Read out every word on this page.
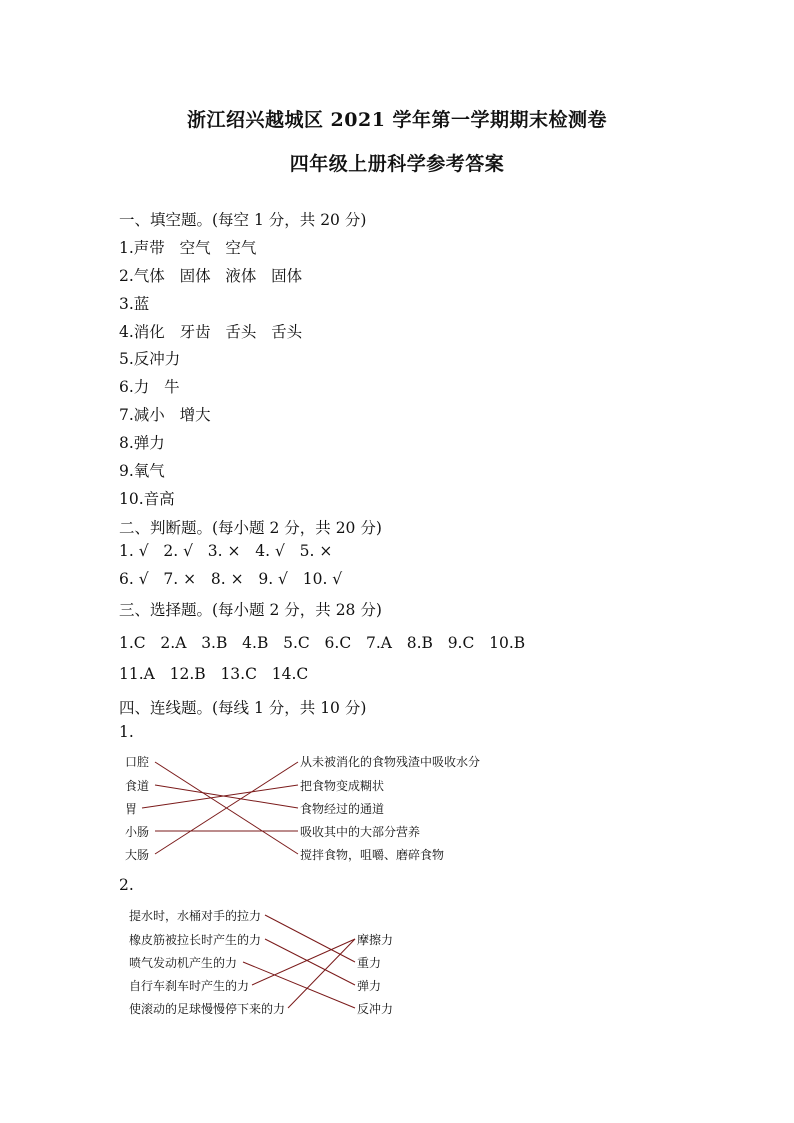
浙江绍兴越城区 2021 学年第一学期期末检测卷
四年级上册科学参考答案
一、填空题。(每空 1 分，共 20 分)
1.声带   空气   空气
2.气体   固体   液体   固体
3.蓝
4.消化   牙齿   舌头   舌头
5.反冲力
6.力   牛
7.减小   增大
8.弹力
9.氧气
10.音高
二、判断题。(每小题 2 分，共 20 分)
1. √   2. √   3. ×   4. √   5. ×
6. √   7. ×   8. ×   9. √   10. √
三、选择题。(每小题 2 分，共 28 分)
1.C   2.A   3.B   4.B   5.C   6.C   7.A   8.B   9.C   10.B
11.A   12.B   13.C   14.C
四、连线题。(每线 1 分，共 10 分)
1.
口腔
食道
胃
小肠
大肠
从未被消化的食物残渣中吸收水分
把食物变成糊状
食物经过的通道
吸收其中的大部分营养
搅拌食物，咀嚼、磨碎食物
2.
提水时，水桶对手的拉力
橡皮筋被拉长时产生的力
喷气发动机产生的力
自行车刹车时产生的力
使滚动的足球慢慢停下来的力
摩擦力
重力
弹力
反冲力
